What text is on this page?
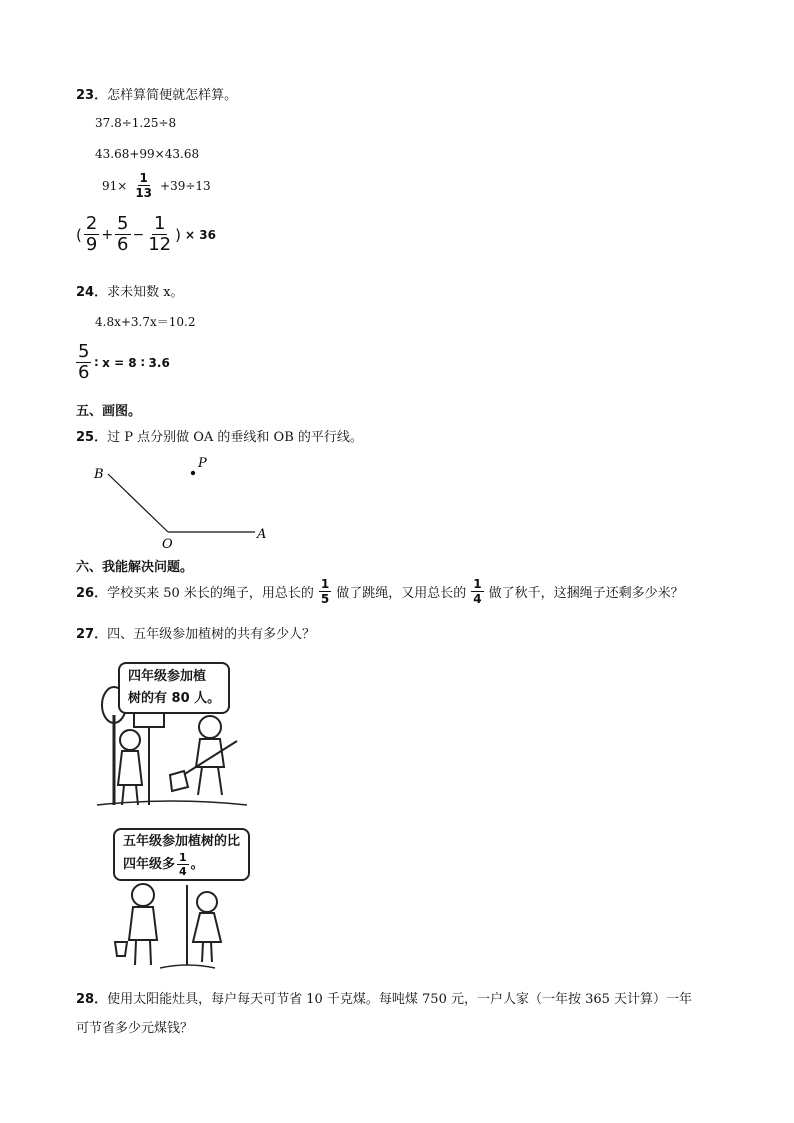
23．怎样算简便就怎样算。
37.8÷1.25÷8
43.68+99×43.68
$91\times \frac{1}{13} +39\div 13$
( $\frac{2}{9} + \frac{5}{6} - \frac{1}{12}$ ) × 36
24．求未知数 x。
4.8x+3.7x＝10.2
$\frac{5}{6}$ ∶ x = 8 ∶ 3.6
五、画图。
25．过 P 点分别做 OA 的垂线和 OB 的平行线。
B
P
O
A
六、我能解决问题。
26． 学校买来 50 米长的绳子，用总长的 $\frac{1}{5}$ 做了跳绳，又用总长的 $\frac{1}{4}$ 做了秋千，这捆绳子还剩多少米？
27．四、五年级参加植树的共有多少人？
四年级参加植
树的有 80 人。
五年级参加植树的比
四年级多 $\frac{1}{4}$ 。
28．使用太阳能灶具，每户每天可节省 10 千克煤。每吨煤 750 元，一户人家（一年按 365 天计算）一年
可节省多少元煤钱？
